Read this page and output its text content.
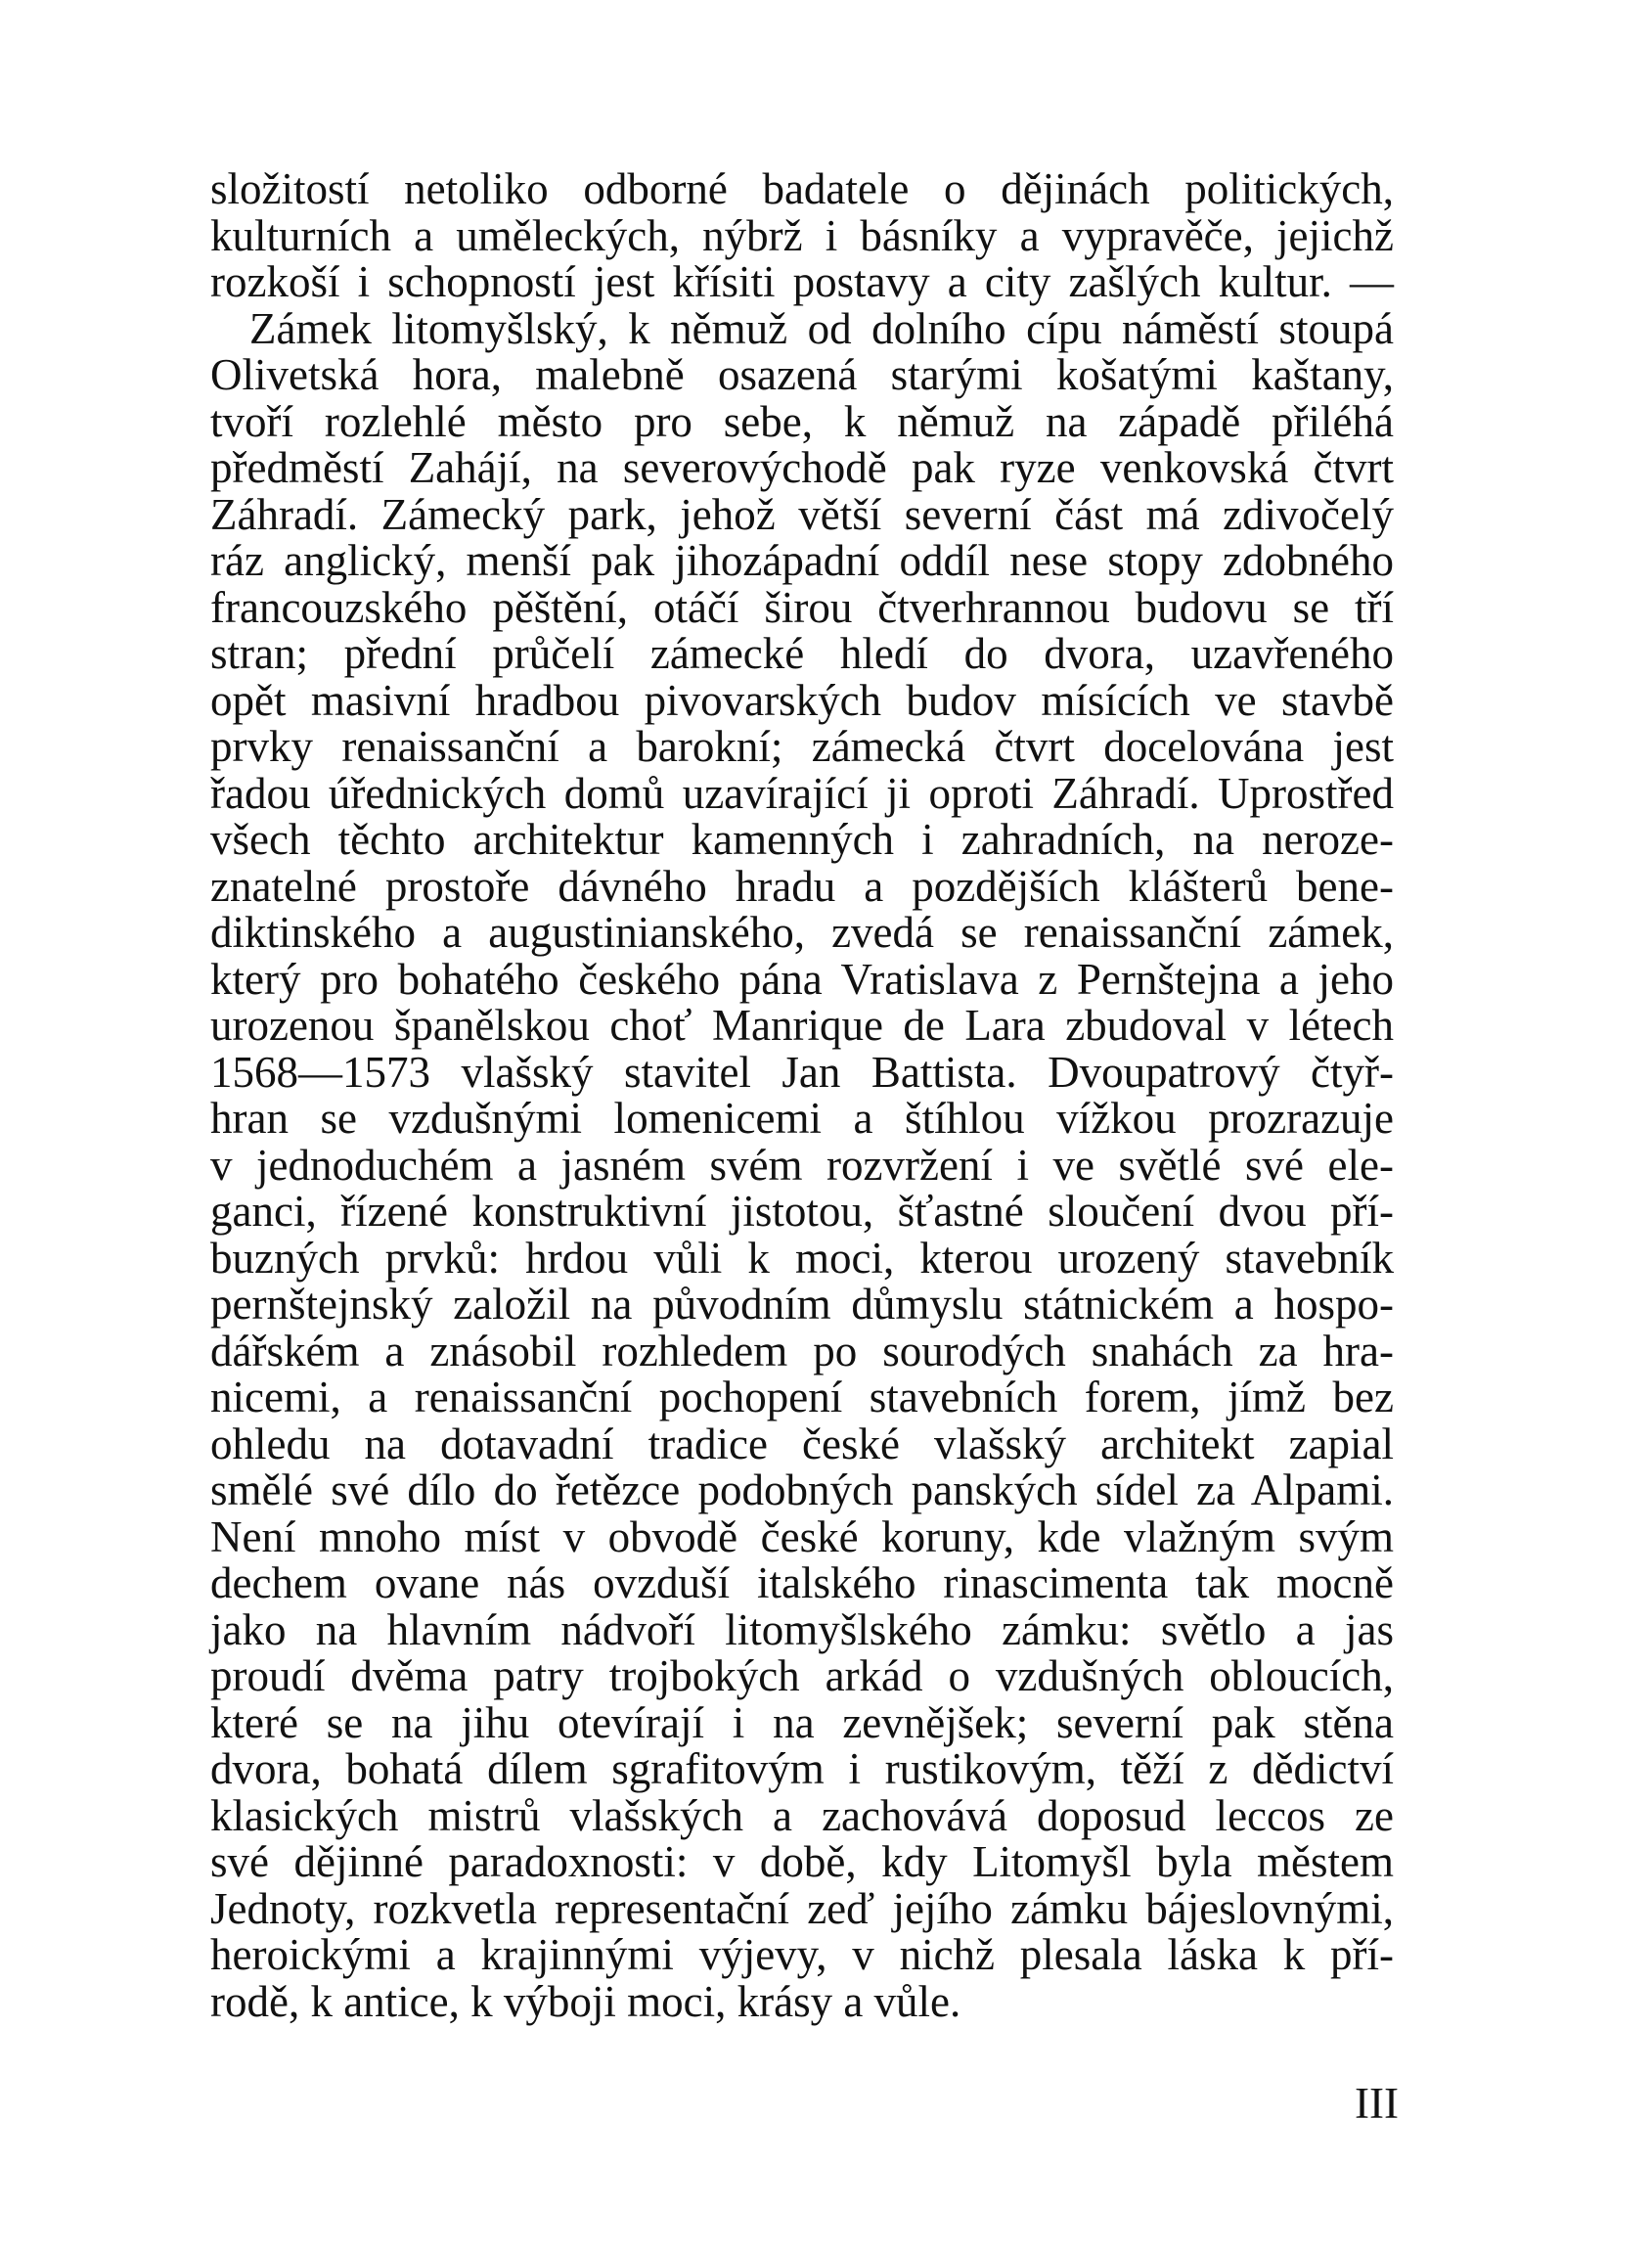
složitostí netoliko odborné badatele o dějinách politických,
kulturních a uměleckých, nýbrž i básníky a vypravěče, jejichž
rozkoší i schopností jest křísiti postavy a city zašlých kultur. —
Zámek litomyšlský, k němuž od dolního cípu náměstí stoupá
Olivetská hora, malebně osazená starými košatými kaštany,
tvoří rozlehlé město pro sebe, k němuž na západě přiléhá
předměstí Zahájí, na severovýchodě pak ryze venkovská čtvrt
Záhradí. Zámecký park, jehož větší severní část má zdivočelý
ráz anglický, menší pak jihozápadní oddíl nese stopy zdobného
francouzského pěštění, otáčí širou čtverhrannou budovu se tří
stran; přední průčelí zámecké hledí do dvora, uzavřeného
opět masivní hradbou pivovarských budov mísících ve stavbě
prvky renaissanční a barokní; zámecká čtvrt docelována jest
řadou úřednických domů uzavírající ji oproti Záhradí. Uprostřed
všech těchto architektur kamenných i zahradních, na neroze-
znatelné prostoře dávného hradu a pozdějších klášterů bene-
diktinského a augustinianského, zvedá se renaissanční zámek,
který pro bohatého českého pána Vratislava z Pernštejna a jeho
urozenou španělskou choť Manrique de Lara zbudoval v létech
1568—1573 vlašský stavitel Jan Battista. Dvoupatrový čtyř-
hran se vzdušnými lomenicemi a štíhlou vížkou prozrazuje
v jednoduchém a jasném svém rozvržení i ve světlé své ele-
ganci, řízené konstruktivní jistotou, šťastné sloučení dvou pří-
buzných prvků: hrdou vůli k moci, kterou urozený stavebník
pernštejnský založil na původním důmyslu státnickém a hospo-
dářském a znásobil rozhledem po sourodých snahách za hra-
nicemi, a renaissanční pochopení stavebních forem, jímž bez
ohledu na dotavadní tradice české vlašský architekt zapial
smělé své dílo do řetězce podobných panských sídel za Alpami.
Není mnoho míst v obvodě české koruny, kde vlažným svým
dechem ovane nás ovzduší italského rinascimenta tak mocně
jako na hlavním nádvoří litomyšlského zámku: světlo a jas
proudí dvěma patry trojbokých arkád o vzdušných obloucích,
které se na jihu otevírají i na zevnějšek; severní pak stěna
dvora, bohatá dílem sgrafitovým i rustikovým, těží z dědictví
klasických mistrů vlašských a zachovává doposud leccos ze
své dějinné paradoxnosti: v době, kdy Litomyšl byla městem
Jednoty, rozkvetla representační zeď jejího zámku bájeslovnými,
heroickými a krajinnými výjevy, v nichž plesala láska k pří-
rodě, k antice, k výboji moci, krásy a vůle.
III
